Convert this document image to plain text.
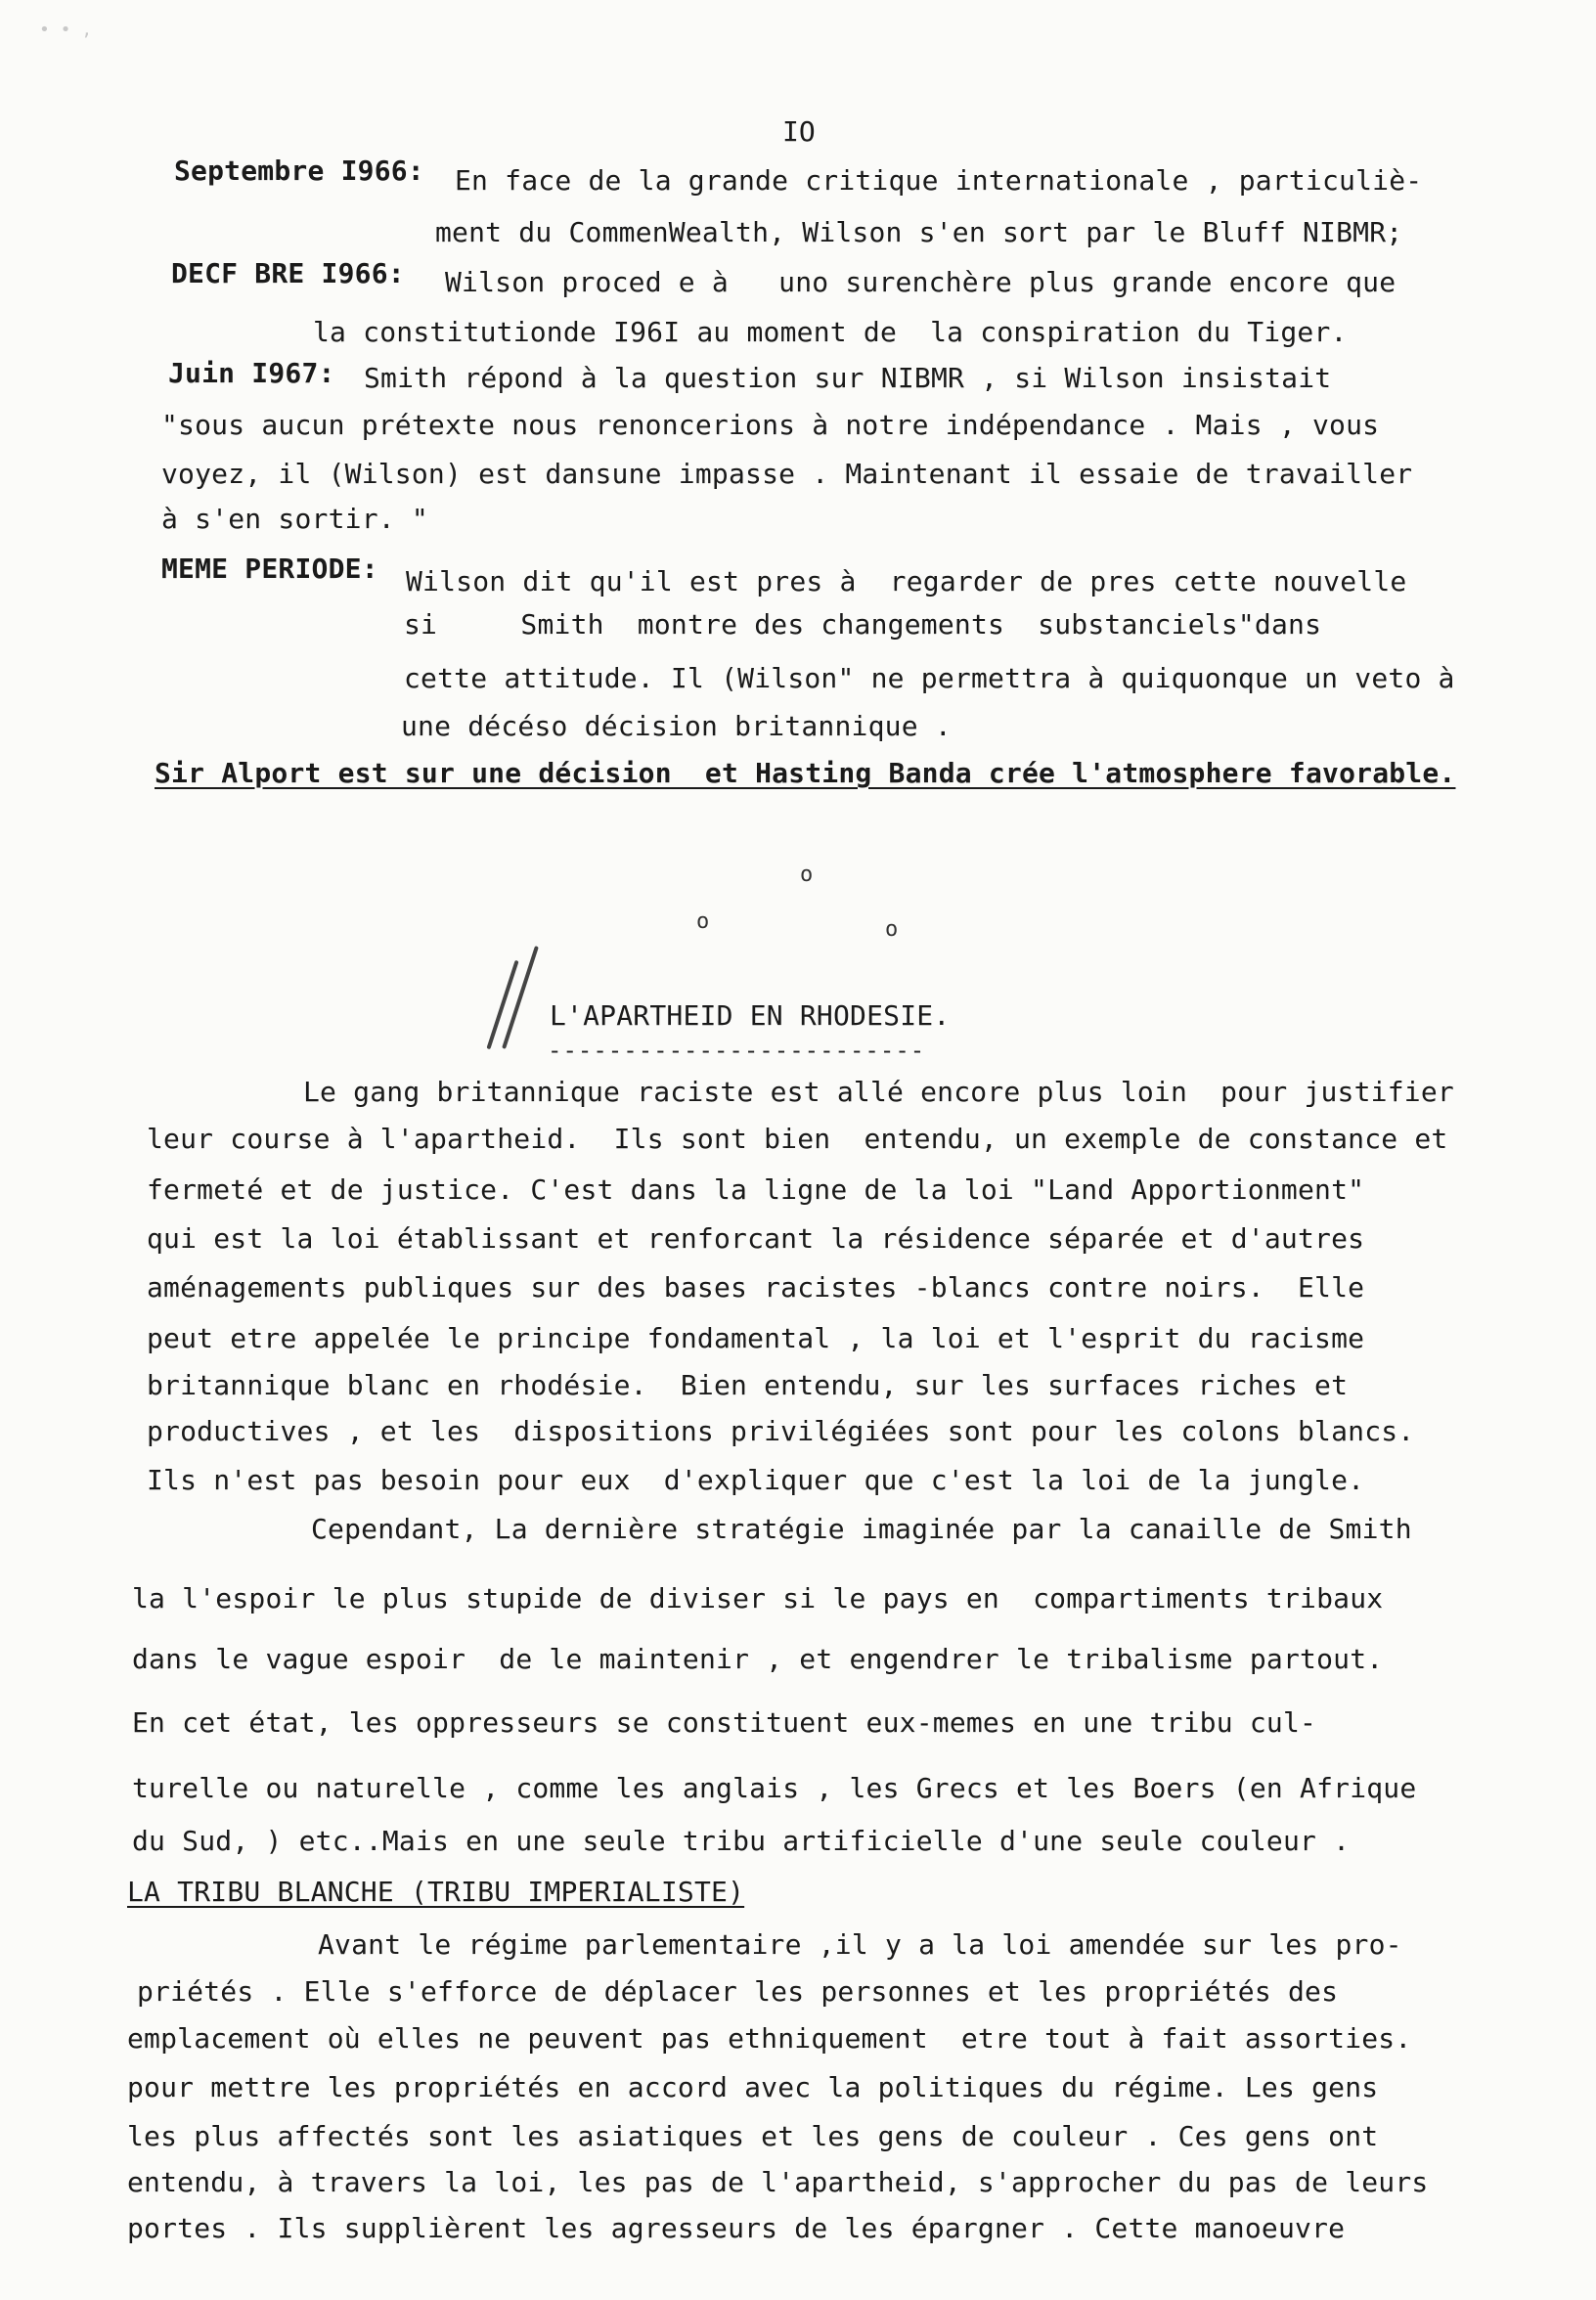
• • ,
IO
Septembre I966: En face de la grande critique internationale , particuliè-
ment du CommenWealth, Wilson s'en sort par le Bluff NIBMR;
DECF BRE I966: Wilson proced e à   uno surenchère plus grande encore que
la constitutionde I96I au moment de  la conspiration du Tiger.
Juin I967: Smith répond à la question sur NIBMR , si Wilson insistait
"sous aucun prétexte nous renoncerions à notre indépendance . Mais , vous
voyez, il (Wilson) est dansune impasse . Maintenant il essaie de travailler
à s'en sortir. "
MEME PERIODE: Wilson dit qu'il est pres à  regarder de pres cette nouvelle
si     Smith  montre des changements  substanciels"dans
cette attitude. Il (Wilson" ne permettra à quiquonque un veto à
une décéso décision britannique .
Sir Alport est sur une décision  et Hasting Banda crée l'atmosphere favorable.
o
o	o
L'APARTHEID EN RHODESIE.
-------------------------
Le gang britannique raciste est allé encore plus loin  pour justifier
leur course à l'apartheid.  Ils sont bien  entendu, un exemple de constance et
fermeté et de justice. C'est dans la ligne de la loi "Land Apportionment"
qui est la loi établissant et renforcant la résidence séparée et d'autres
aménagements publiques sur des bases racistes -blancs contre noirs.  Elle
peut etre appelée le principe fondamental , la loi et l'esprit du racisme
britannique blanc en rhodésie.  Bien entendu, sur les surfaces riches et
productives , et les  dispositions privilégiées sont pour les colons blancs.
Ils n'est pas besoin pour eux  d'expliquer que c'est la loi de la jungle.
Cependant, La dernière stratégie imaginée par la canaille de Smith
la l'espoir le plus stupide de diviser si le pays en  compartiments tribaux
dans le vague espoir  de le maintenir , et engendrer le tribalisme partout.
En cet état, les oppresseurs se constituent eux-memes en une tribu cul-
turelle ou naturelle , comme les anglais , les Grecs et les Boers (en Afrique
du Sud, ) etc..Mais en une seule tribu artificielle d'une seule couleur .
LA TRIBU BLANCHE (TRIBU IMPERIALISTE)
Avant le régime parlementaire ,il y a la loi amendée sur les pro-
priétés . Elle s'efforce de déplacer les personnes et les propriétés des
emplacement où elles ne peuvent pas ethniquement  etre tout à fait assorties.
pour mettre les propriétés en accord avec la politiques du régime. Les gens
les plus affectés sont les asiatiques et les gens de couleur . Ces gens ont
entendu, à travers la loi, les pas de l'apartheid, s'approcher du pas de leurs
portes . Ils supplièrent les agresseurs de les épargner . Cette manoeuvre
